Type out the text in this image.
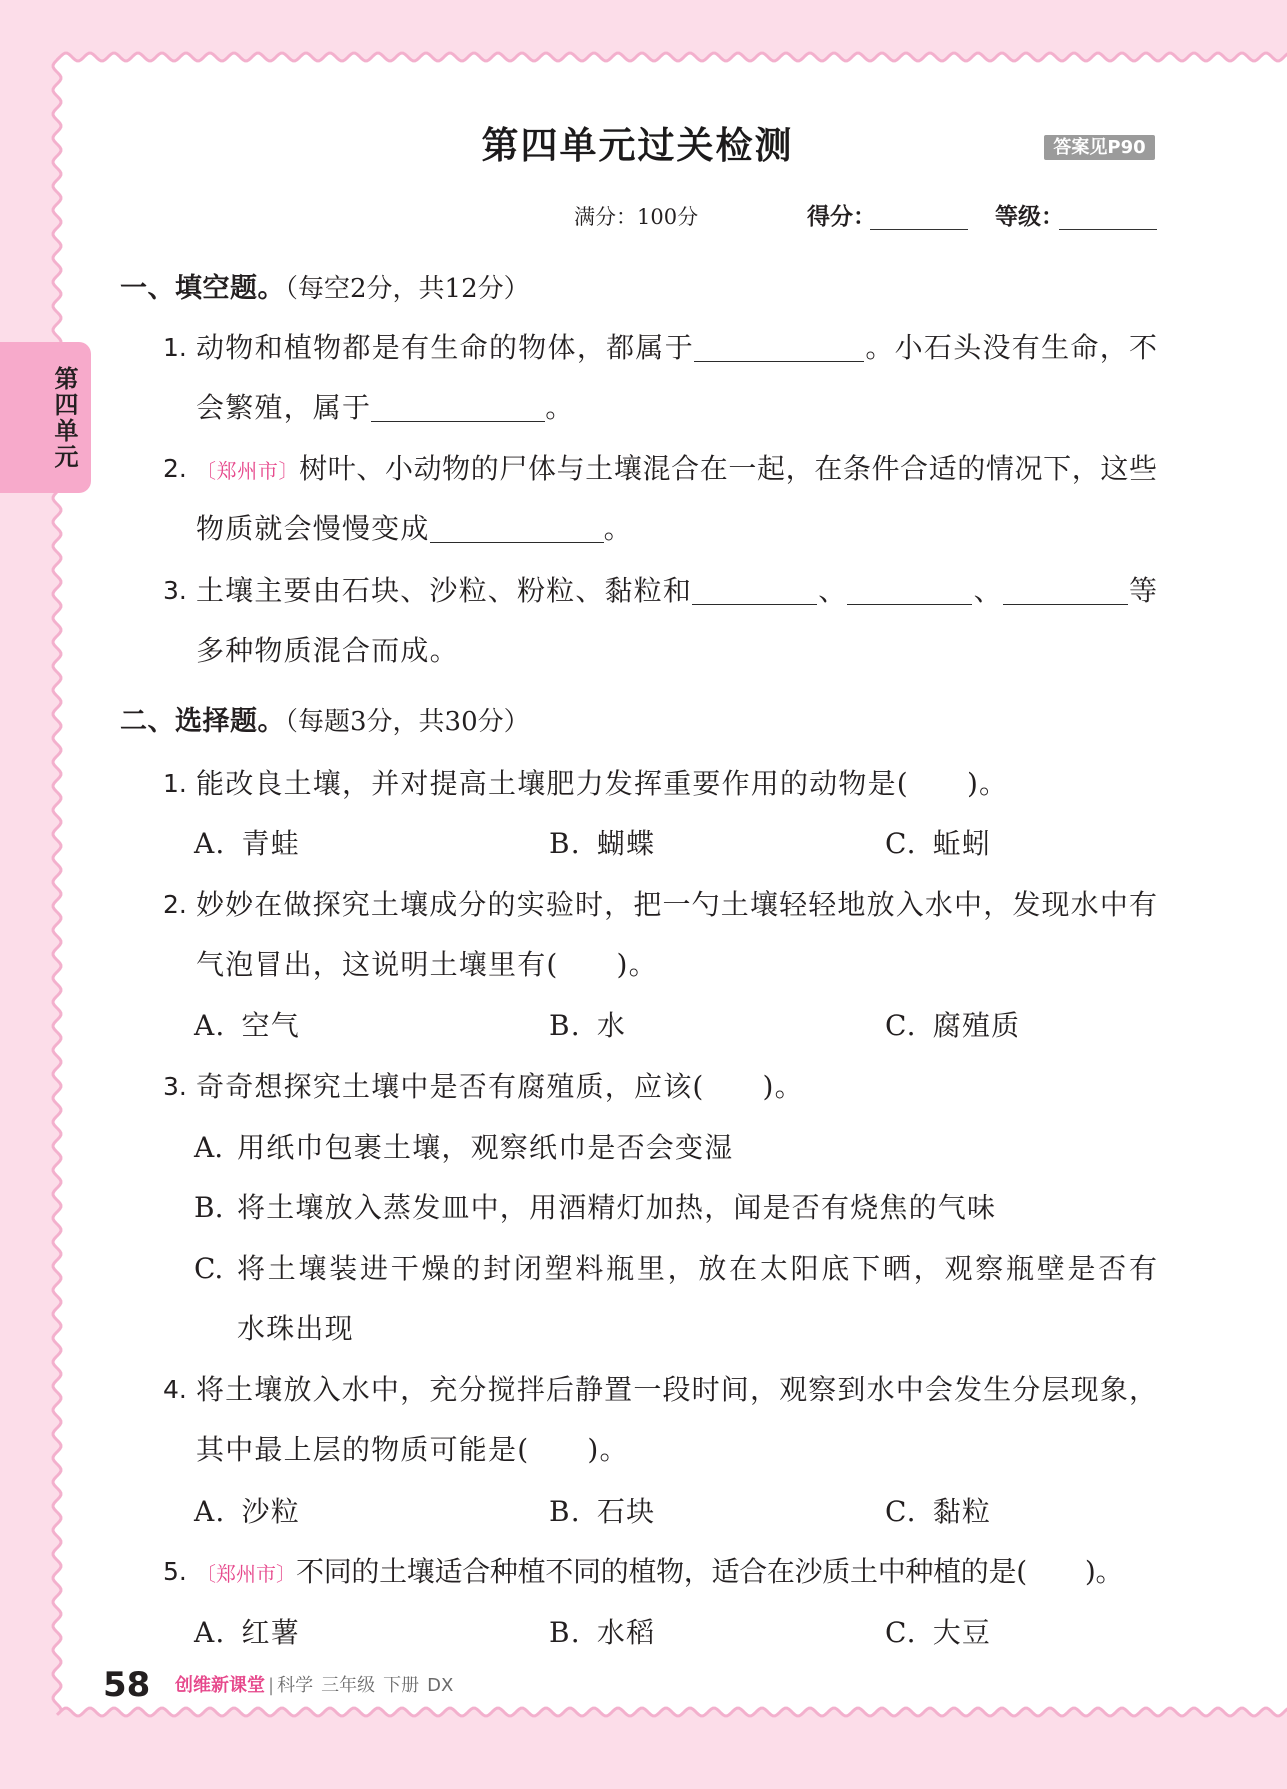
第四单元
第四单元过关检测	答案见P90
满分：100分	得分：	等级：
一、填空题。（每空2分，共12分）
1. 动物和植物都是有生命的物体，都属于	。小石头没有生命，不
会繁殖，属于	。
2. 〔郑州市〕树叶、小动物的尸体与土壤混合在一起，在条件合适的情况下，这些
物质就会慢慢变成	。
3. 土壤主要由石块、沙粒、粉粒、黏粒和	、	、	等
多种物质混合而成。
二、选择题。（每题3分，共30分）
1. 能改良土壤，并对提高土壤肥力发挥重要作用的动物是( )。
A. 青蛙	B. 蝴蝶	C. 蚯蚓
2. 妙妙在做探究土壤成分的实验时，把一勺土壤轻轻地放入水中，发现水中有
气泡冒出，这说明土壤里有( )。
A. 空气	B. 水	C. 腐殖质
3. 奇奇想探究土壤中是否有腐殖质，应该( )。
A. 用纸巾包裹土壤，观察纸巾是否会变湿
B. 将土壤放入蒸发皿中，用酒精灯加热，闻是否有烧焦的气味
C. 将土壤装进干燥的封闭塑料瓶里，放在太阳底下晒，观察瓶壁是否有
水珠出现
4. 将土壤放入水中，充分搅拌后静置一段时间，观察到水中会发生分层现象，
其中最上层的物质可能是( )。
A. 沙粒	B. 石块	C. 黏粒
5. 〔郑州市〕不同的土壤适合种植不同的植物，适合在沙质土中种植的是( )。
A. 红薯	B. 水稻	C. 大豆
58 创维新课堂 | 科学 三年级 下册 DX
